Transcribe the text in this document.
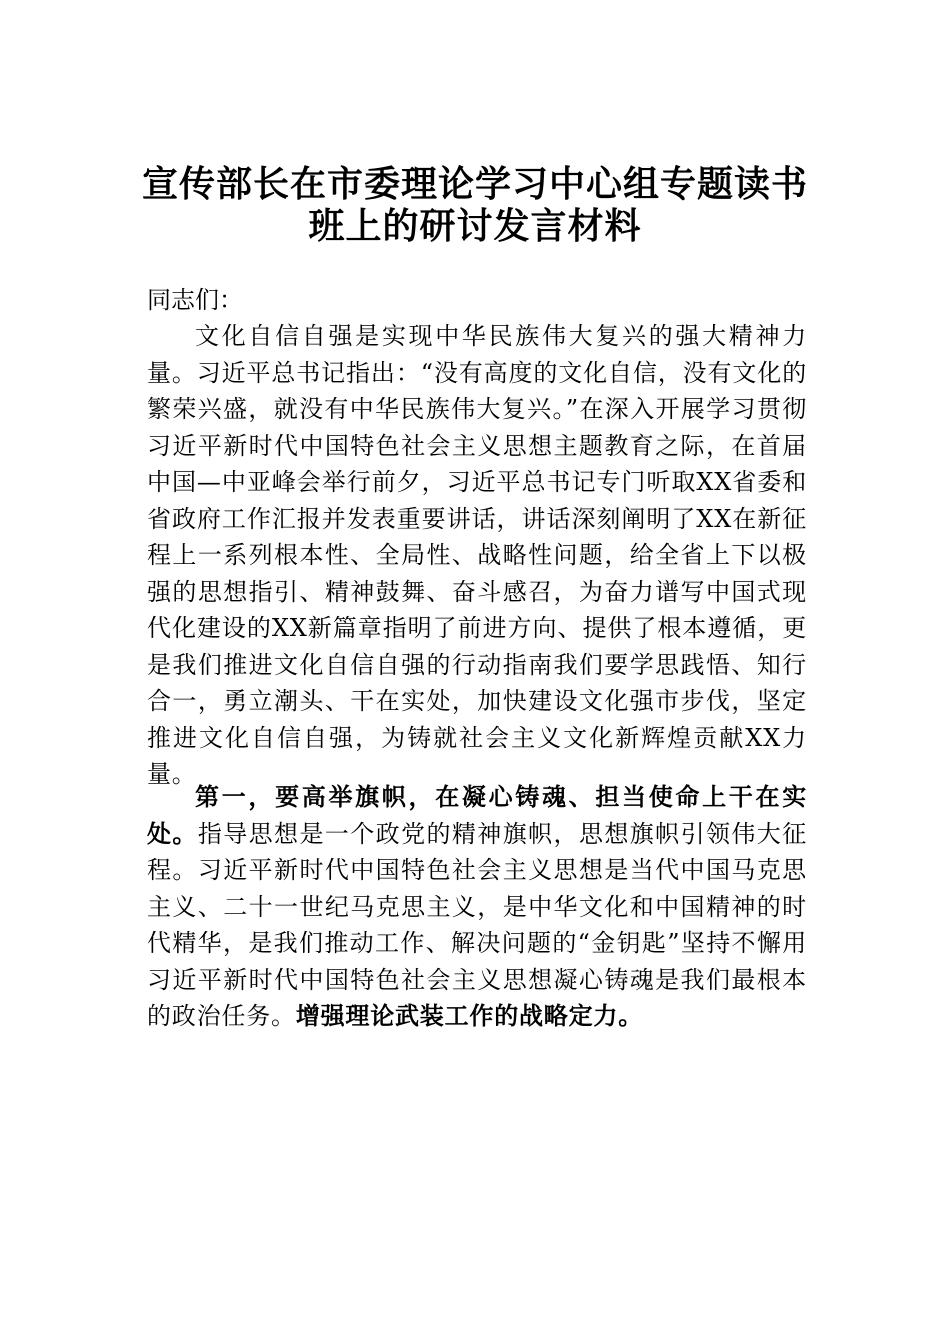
宣传部长在市委理论学习中心组专题读书
班上的研讨发言材料
同志们：
文化自信自强是实现中华民族伟大复兴的强大精神力量。习近平总书记指出：“没有高度的文化自信，没有文化的繁荣兴盛，就没有中华民族伟大复兴。”在深入开展学习贯彻习近平新时代中国特色社会主义思想主题教育之际，在首届中国—中亚峰会举行前夕，习近平总书记专门听取XX省委和省政府工作汇报并发表重要讲话，讲话深刻阐明了XX在新征程上一系列根本性、全局性、战略性问题，给全省上下以极强的思想指引、精神鼓舞、奋斗感召，为奋力谱写中国式现代化建设的XX新篇章指明了前进方向、提供了根本遵循，更是我们推进文化自信自强的行动指南我们要学思践悟、知行合一，勇立潮头、干在实处，加快建设文化强市步伐，坚定推进文化自信自强，为铸就社会主义文化新辉煌贡献XX力量。
第一，要高举旗帜，在凝心铸魂、担当使命上干在实处。指导思想是一个政党的精神旗帜，思想旗帜引领伟大征程。习近平新时代中国特色社会主义思想是当代中国马克思主义、二十一世纪马克思主义，是中华文化和中国精神的时代精华，是我们推动工作、解决问题的“金钥匙”坚持不懈用习近平新时代中国特色社会主义思想凝心铸魂是我们最根本的政治任务。增强理论武装工作的战略定力。
